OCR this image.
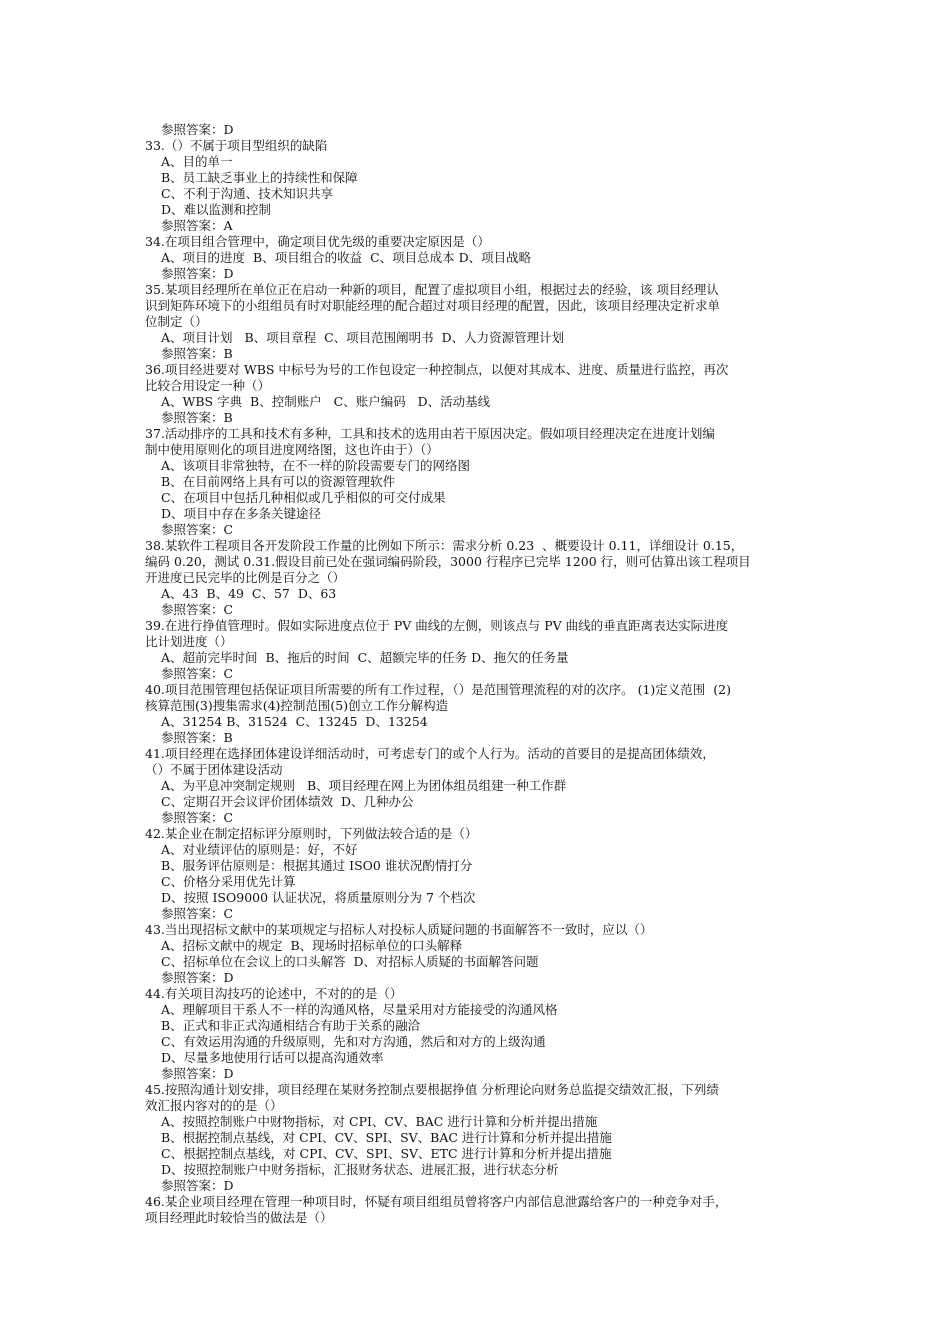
参照答案：D
33.（）不属于项目型组织的缺陷
A、目的单一
B、员工缺乏事业上的持续性和保障
C、不利于沟通、技术知识共享
D、难以监测和控制
参照答案：A
34.在项目组合管理中，确定项目优先级的重要决定原因是（）
A、项目的进度  B、项目组合的收益  C、项目总成本 D、项目战略
参照答案：D
35.某项目经理所在单位正在启动一种新的项目，配置了虚拟项目小组，根据过去的经验，该 项目经理认
识到矩阵环境下的小组组员有时对职能经理的配合超过对项目经理的配置，因此，该项目经理决定祈求单
位制定（）
A、项目计划   B、项目章程  C、项目范围阐明书  D、人力资源管理计划
参照答案：B
36.项目经进要对 WBS 中标号为号的工作包设定一种控制点，以便对其成本、进度、质量进行监控，再次
比较合用设定一种（）
A、WBS 字典  B、控制账户   C、账户编码   D、活动基线
参照答案：B
37.活动排序的工具和技术有多种，工具和技术的选用由若干原因决定。假如项目经理决定在进度计划编
制中使用原则化的项目进度网络图，这也许由于）（）
A、该项目非常独特，在不一样的阶段需要专门的网络图
B、在目前网络上具有可以的资源管理软件
C、在项目中包括几种相似或几乎相似的可交付成果
D、项目中存在多条关键途径
参照答案：C
38.某软件工程项目各开发阶段工作量的比例如下所示：需求分析 0.23  、概要设计 0.11，详细设计 0.15，
编码 0.20，测试 0.31.假设目前已处在强词编码阶段，3000 行程序已完毕 1200 行，则可估算出该工程项目
开进度已民完毕的比例是百分之（）
A、43  B、49  C、57  D、63
参照答案：C
39.在进行挣值管理时。假如实际进度点位于 PV 曲线的左侧，则该点与 PV 曲线的垂直距离表达实际进度
比计划进度（）
A、超前完毕时间  B、拖后的时间  C、超额完毕的任务 D、拖欠的任务量
参照答案：C
40.项目范围管理包括保证项目所需要的所有工作过程，（）是范围管理流程的对的次序。 (1)定义范围  (2)
核算范围(3)搜集需求(4)控制范围(5)创立工作分解构造
A、31254 B、31524  C、13245  D、13254
参照答案：B
41.项目经理在选择团体建设详细活动时，可考虑专门的或个人行为。活动的首要目的是提高团体绩效，
（）不属于团体建设活动
A、为平息冲突制定规则   B、项目经理在网上为团体组员组建一种工作群
C、定期召开会议评价团体绩效  D、几种办公
参照答案：C
42.某企业在制定招标评分原则时，下列做法较合适的是（）
A、对业绩评估的原则是：好，不好
B、服务评估原则是：根据其通过 ISO0 谁状况酌情打分
C、价格分采用优先计算
D、按照 ISO9000 认证状况，将质量原则分为 7 个档次
参照答案：C
43.当出现招标文献中的某项规定与招标人对投标人质疑问题的书面解答不一致时，应以（）
A、招标文献中的规定  B、现场时招标单位的口头解释
C、招标单位在会议上的口头解答  D、对招标人质疑的书面解答问题
参照答案：D
44.有关项目沟技巧的论述中，不对的的是（）
A、理解项目干系人不一样的沟通风格，尽量采用对方能接受的沟通风格
B、正式和非正式沟通相结合有助于关系的融洽
C、有效运用沟通的升级原则，先和对方沟通，然后和对方的上级沟通
D、尽量多地使用行话可以提高沟通效率
参照答案：D
45.按照沟通计划安排，项目经理在某财务控制点要根据挣值 分析理论向财务总监提交绩效汇报，下列绩
效汇报内容对的的是（）
A、按照控制账户中财物指标，对 CPI、CV、BAC 进行计算和分析并提出措施
B、根据控制点基线，对 CPI、CV、SPI、SV、BAC 进行计算和分析并提出措施
C、根据控制点基线，对 CPI、CV、SPI、SV、ETC 进行计算和分析并提出措施
D、按照控制账户中财务指标，汇报财务状态、进展汇报，进行状态分析
参照答案：D
46.某企业项目经理在管理一种项目时，怀疑有项目组组员曾将客户内部信息泄露给客户的一种竞争对手，
项目经理此时较恰当的做法是（）
